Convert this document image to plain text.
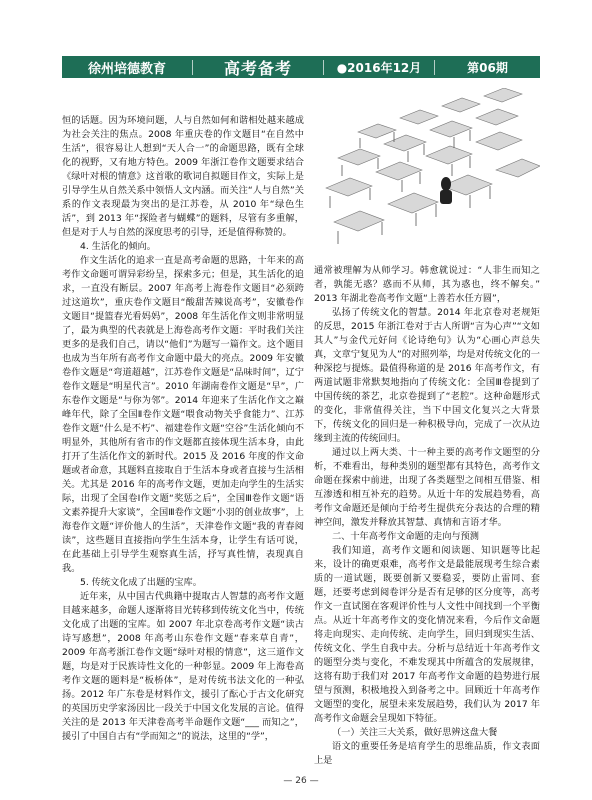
徐州培德教育	高考备考	●2016年12月	第06期

恒的话题。因为环境问题，人与自然如何和谐相处越来越成为社会关注的焦点。2008 年重庆卷的作文题目“在自然中生活”，很容易让人想到“天人合一”的命题思路，既有全球化的视野，又有地方特色。2009 年浙江卷作文题要求结合《绿叶对根的情意》这首歌的歌词自拟题目作文，实际上是引导学生从自然关系中领悟人文内涵。而关注“人与自然”关系的作文表现最为突出的是江苏卷，从 2010 年“绿色生活”，到 2013 年“探险者与蝴蝶”的题料，尽管有多重解，但是对于人与自然的深度思考的引导，还是值得称赞的。

4. 生活化的倾向。

作文生活化的追求一直是高考命题的思路，十年来的高考作文命题可谓异彩纷呈，探索多元；但是，其生活化的追求，一直没有断层。2007 年高考上海卷作文题目“必须跨过这道坎”，重庆卷作文题目“酸甜苦辣说高考”，安徽卷作文题目“提篮春光看妈妈”，2008 年生活化作文则非常明显了，最为典型的代表就是上海卷高考作文题：平时我们关注更多的是我们自己，请以“他们”为题写一篇作文。这个题目也成为当年所有高考作文命题中最大的亮点。2009 年安徽卷作文题是“弯道超越”，江苏卷作文题是“品味时间”，辽宁卷作文题是“明星代言”。2010 年湖南卷作文题是“早”，广东卷作文题是“与你为邻”。2014 年迎来了生活化作文之巅峰年代，除了全国Ⅱ卷作文题“喂食动物关乎食能力”、江苏卷作文题“什么是不朽”、福建卷作文题“空谷”生活化倾向不明显外，其他所有省市的作文题都直接体现生活本身，由此打开了生活化作文的新时代。2015 及 2016 年度的作文命题或者命意，其题料直接取自于生活本身或者直接与生活相关。尤其是 2016 年的高考作文题，更加走向学生的生活实际，出现了全国卷Ⅰ作文题“奖惩之后”，全国Ⅲ卷作文题“语文素养提升大家谈”，全国Ⅲ卷作文题“小羽的创业故事”，上海卷作文题“评价他人的生活”，天津卷作文题“我的青春阅读”，这些题目直接指向学生生活本身，让学生有话可说，在此基础上引导学生观察真生活，抒写真性情，表现真自我。

5. 传统文化成了出题的宝库。

近年来，从中国古代典籍中提取古人智慧的高考作文题目越来越多，命题人逐渐将目光转移到传统文化当中，传统文化成了出题的宝库。如 2007 年北京卷高考作文题“读古诗写感想”，2008 年高考山东卷作文题“春来草自青”，2009 年高考浙江卷作文题“绿叶对根的情意”，这三道作文题，均是对于民族诗性文化的一种彰显。2009 年上海卷高考作文题的题料是“板桥体”，是对传统书法文化的一种弘扬。2012 年广东卷是材料作文，援引了酝心于古文化研究的英国历史学家汤因比一段关于中国文化发展的言论。值得关注的是 2013 年天津卷高考半命题作文题“___ 而知之”，援引了中国自古有“学而知之”的说法，这里的“学”，

通常被理解为从师学习。韩愈就说过：“人非生而知之者，孰能无惑？惑而不从师，其为惑也，终不解矣。” 2013 年湖北卷高考作文题“上善若水任方圆”，

弘扬了传统文化的智慧。2014 年北京卷对老规矩的反思，2015 年浙江卷对于古人所谓“言为心声”“文如其人”与金代元好问《论诗绝句》认为“心画心声总失真，文章宁复见为人”的对照列举，均是对传统文化的一种深挖与提炼。最值得称道的是 2016 年高考作文，有两道试题非常默契地指向了传统文化：全国Ⅲ卷提到了中国传统的茶艺，北京卷提到了“老腔”。这种命题形式的变化，非常值得关注，当下中国文化复兴之大背景下，传统文化的回归是一种积极导向，完成了一次从边缘到主流的传统回归。

通过以上两大类、十一种主要的高考作文题型的分析，不难看出，每种类别的题型都有其特色，高考作文命题在探索中前进，出现了各类题型之间相互借鉴、相互渗透和相互补充的趋势。从近十年的发展趋势看，高考作文命题还是倾向于给考生提供充分表达的合理的精神空间，激发并释放其智慧、真情和言语才华。

二、十年高考作文命题的走向与预测

我们知道，高考作文题和阅读题、知识题等比起来，设计的确更艰难，高考作文是最能展现考生综合素质的一道试题，既要创新又要稳妥，要防止雷同、套题，还要考虑到阅卷评分是否有足够的区分度等，高考作文一直试图在客观评价性与人文性中间找到一个平衡点。从近十年高考作文的变化情况来看，今后作文命题将走向现实、走向传统、走向学生，回归到现实生活、传统文化、学生自我中去。分析与总结近十年高考作文的题型分类与变化，不难发现其中所蕴含的发展规律，这将有助于我们对 2017 年高考作文命题的趋势进行展望与预测，积极地投入到备考之中。回顾近十年高考作文题型的变化，展望未来发展趋势，我们认为 2017 年高考作文命题会呈现如下特征。

（一）关注三大关系，做好思辨这盘大餐

语文的重要任务是培育学生的思维品质，作文表面上是

— 26 —
